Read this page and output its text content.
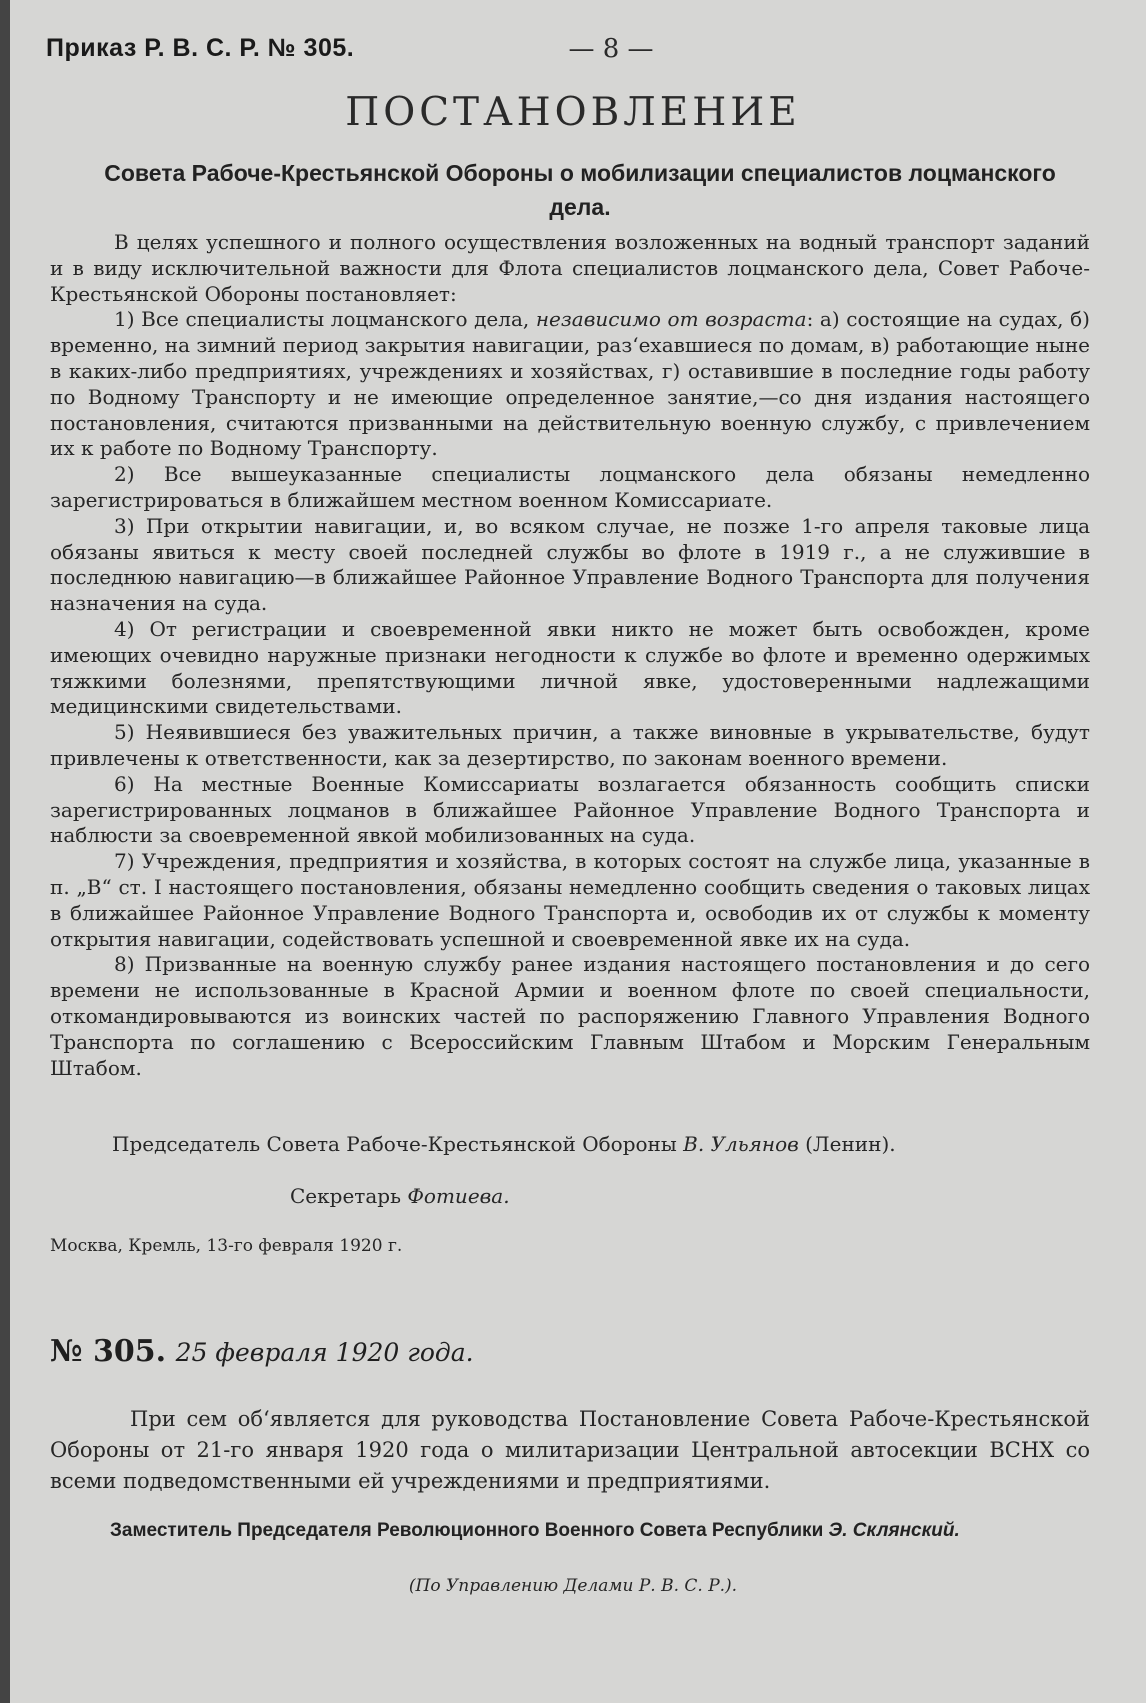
Приказ Р. В. С. Р. № 305.	— 8 —
ПОСТАНОВЛЕНИЕ
Совета Рабоче-Крестьянской Обороны о мобилизации специалистов лоцманского дела.

В целях успешного и полного осуществления возложенных на водный транспорт заданий и в виду исключительной важности для Флота специалистов лоцманского дела, Совет Рабоче-Крестьянской Обороны постановляет:

1) Все специалисты лоцманского дела, независимо от возраста: а) состоящие на судах, б) временно, на зимний период закрытия навигации, раз‘ехавшиеся по домам, в) работающие ныне в каких-либо предприятиях, учреждениях и хозяйствах, г) оставившие в последние годы работу по Водному Транспорту и не имеющие определенное занятие,—со дня издания настоящего постановления, считаются призванными на действительную военную службу, с привлечением их к работе по Водному Транспорту.

2) Все вышеуказанные специалисты лоцманского дела обязаны немедленно зарегистрироваться в ближайшем местном военном Комиссариате.

3) При открытии навигации, и, во всяком случае, не позже 1-го апреля таковые лица обязаны явиться к месту своей последней службы во флоте в 1919 г., а не служившие в последнюю навигацию—в ближайшее Районное Управление Водного Транспорта для получения назначения на суда.

4) От регистрации и своевременной явки никто не может быть освобожден, кроме имеющих очевидно наружные признаки негодности к службе во флоте и временно одержимых тяжкими болезнями, препятствующими личной явке, удостоверенными надлежащими медицинскими свидетельствами.

5) Неявившиеся без уважительных причин, а также виновные в укрывательстве, будут привлечены к ответственности, как за дезертирство, по законам военного времени.

6) На местные Военные Комиссариаты возлагается обязанность сообщить списки зарегистрированных лоцманов в ближайшее Районное Управление Водного Транспорта и наблюсти за своевременной явкой мобилизованных на суда.

7) Учреждения, предприятия и хозяйства, в которых состоят на службе лица, указанные в п. „В“ ст. I настоящего постановления, обязаны немедленно сообщить сведения о таковых лицах в ближайшее Районное Управление Водного Транспорта и, освободив их от службы к моменту открытия навигации, содействовать успешной и своевременной явке их на суда.

8) Призванные на военную службу ранее издания настоящего постановления и до сего времени не использованные в Красной Армии и военном флоте по своей специальности, откомандировываются из воинских частей по распоряжению Главного Управления Водного Транспорта по соглашению с Всероссийским Главным Штабом и Морским Генеральным Штабом.

Председатель Совета Рабоче-Крестьянской Обороны В. Ульянов (Ленин).
Секретарь Фотиева.
Москва, Кремль, 13-го февраля 1920 г.
№ 305. 25 февраля 1920 года.

При сем об‘является для руководства Постановление Совета Рабоче-Крестьянской Обороны от 21-го января 1920 года о милитаризации Центральной автосекции ВСНХ со всеми подведомственными ей учреждениями и предприятиями.

Заместитель Председателя Революционного Военного Совета Республики Э. Склянский.
(По Управлению Делами Р. В. С. Р.).
